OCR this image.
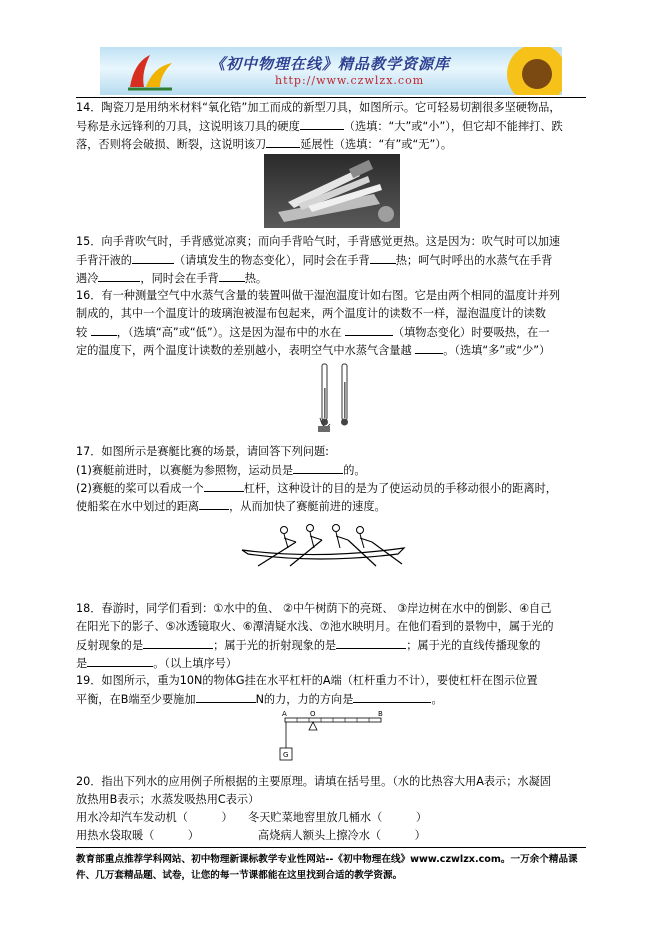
《初中物理在线》精品教学资源库
http://www.czwlzx.com
14．陶瓷刀是用纳米材料“氧化锆”加工而成的新型刀具，如图所示。它可轻易切割很多坚硬物品，
号称是永远锋利的刀具，这说明该刀具的硬度	（选填：“大”或“小”），但它却不能摔打、跌
落，否则将会破损、断裂，这说明该刀	延展性（选填：“有”或“无”）。
15．向手背吹气时，手背感觉凉爽；而向手背哈气时，手背感觉更热。这是因为：吹气时可以加速
手背汗液的	（请填发生的物态变化），同时会在手背 热；呵气时呼出的水蒸气在手背
遇冷	，同时会在手背 热。
16．有一种测量空气中水蒸气含量的装置叫做干湿泡温度计如右图。它是由两个相同的温度计并列
制成的，其中一个温度计的玻璃泡被湿布包起来，两个温度计的读数不一样，湿泡温度计的读数
较	，（选填“高”或“低”）。这是因为湿布中的水在	（填物态变化）时要吸热，在一
定的温度下，两个温度计读数的差别越小，表明空气中水蒸气含量越	。（选填“多”或“少”）
17．如图所示是赛艇比赛的场景，请回答下列问题:
(1)赛艇前进时，以赛艇为参照物，运动员是	的。
(2)赛艇的桨可以看成一个	杠杆，这种设计的目的是为了使运动员的手移动很小的距离时，
使船桨在水中划过的距离	，从而加快了赛艇前进的速度。
18．春游时，同学们看到：①水中的鱼、 ②中午树荫下的亮斑、 ③岸边树在水中的倒影、④自己
在阳光下的影子、⑤冰透镜取火、⑥潭清疑水浅、⑦池水映明月。在他们看到的景物中，属于光的
反射现象的是	；属于光的折射现象的是	；属于光的直线传播现象的
是	。（以上填序号）
19．如图所示，重为10N的物体G挂在水平杠杆的A端（杠杆重力不计），要使杠杆在图示位置
平衡，在B端至少要施加	N的力，力的方向是	。
A	O	B
G
20．指出下列水的应用例子所根据的主要原理。请填在括号里。（水的比热容大用A表示；水凝固
放热用B表示；水蒸发吸热用C表示）
用水冷却汽车发动机（　　　） 冬天贮菜地窖里放几桶水（　　　）
用热水袋取暖（　　　）	高烧病人额头上擦冷水（　　　）
教育部重点推荐学科网站、初中物理新课标教学专业性网站--《初中物理在线》www.czwlzx.com。一万余个精品课
件、几万套精品题、试卷，让您的每一节课都能在这里找到合适的教学资源。
